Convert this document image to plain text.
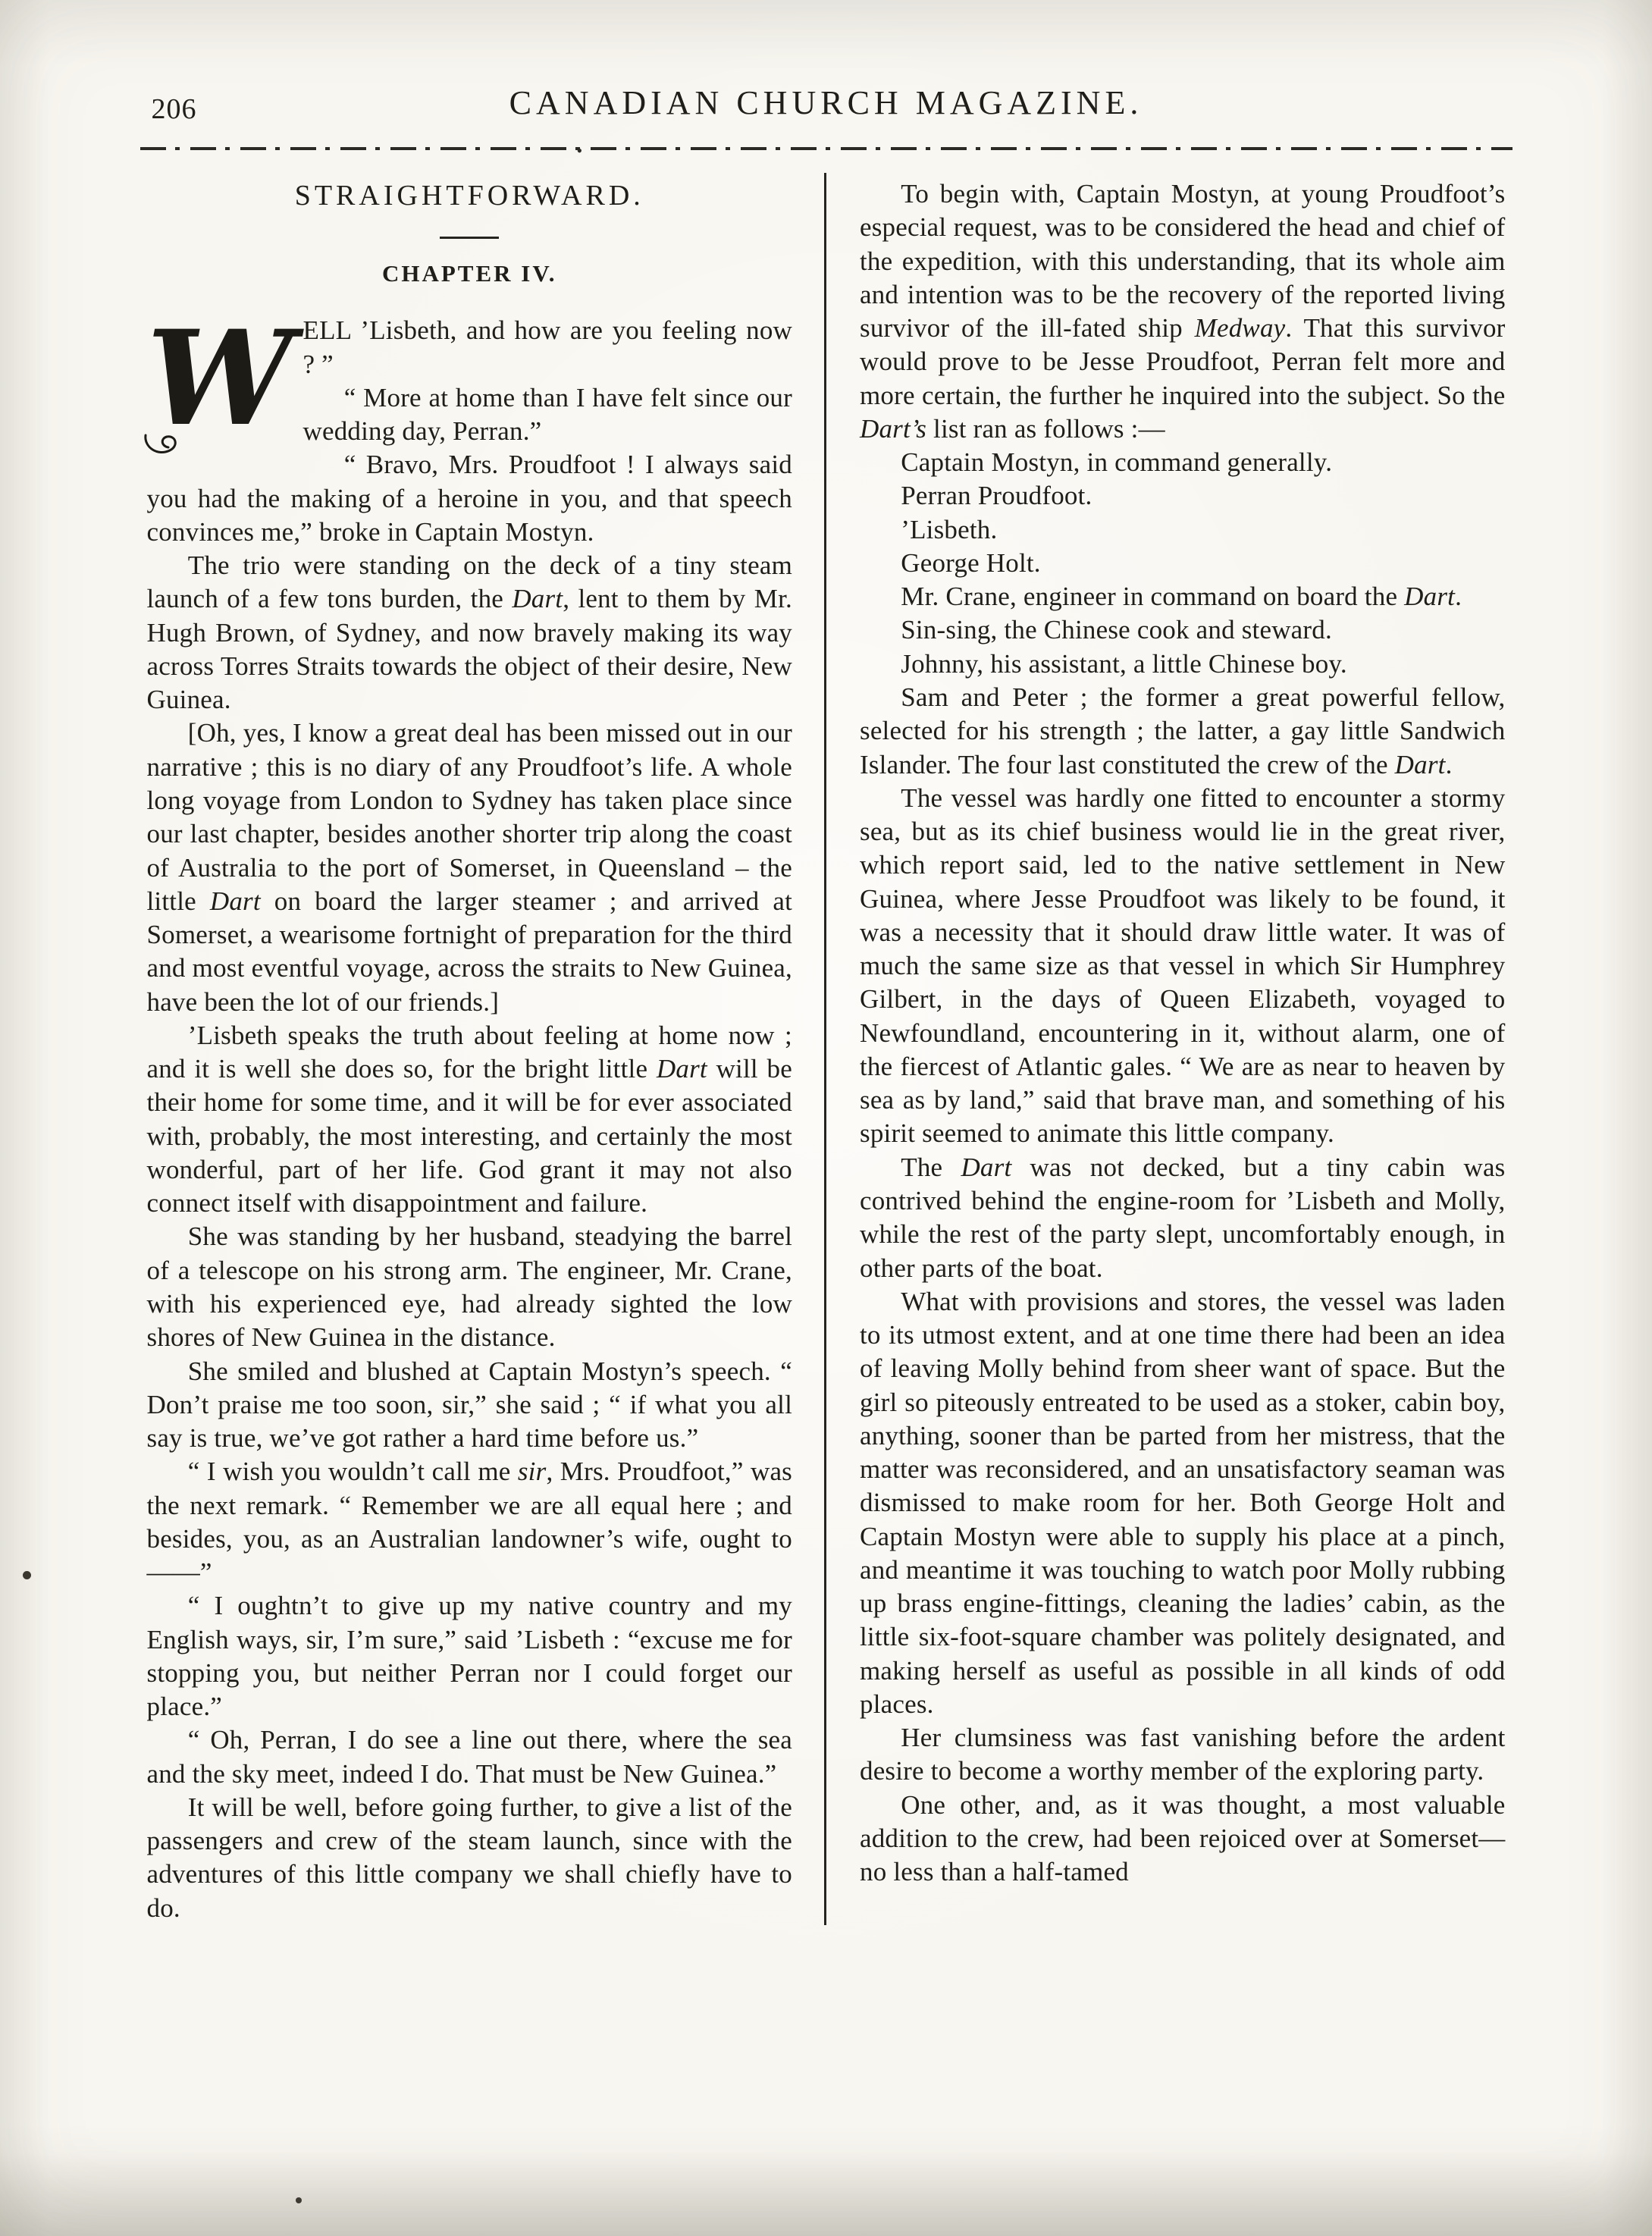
206	CANADIAN CHURCH MAGAZINE.
•
STRAIGHTFORWARD.
CHAPTER IV.
W ELL ’Lisbeth, and how are you feeling now ? ”

“ More at home than I have felt since our wedding day, Perran.”

“ Bravo, Mrs. Proudfoot ! I always said you had the making of a heroine in you, and that speech convinces me,” broke in Captain Mostyn.

The trio were standing on the deck of a tiny steam launch of a few tons burden, the Dart, lent to them by Mr. Hugh Brown, of Sydney, and now bravely making its way across Torres Straits towards the object of their desire, New Guinea.

[Oh, yes, I know a great deal has been missed out in our narrative ; this is no diary of any Proudfoot’s life. A whole long voyage from London to Sydney has taken place since our last chapter, besides another shorter trip along the coast of Australia to the port of Somerset, in Queensland – the little Dart on board the larger steamer ; and arrived at Somerset, a wearisome fortnight of preparation for the third and most eventful voyage, across the straits to New Guinea, have been the lot of our friends.]

’Lisbeth speaks the truth about feeling at home now ; and it is well she does so, for the bright little Dart will be their home for some time, and it will be for ever associated with, probably, the most interesting, and certainly the most wonderful, part of her life. God grant it may not also connect itself with disappointment and failure.

She was standing by her husband, steadying the barrel of a telescope on his strong arm. The engineer, Mr. Crane, with his experienced eye, had already sighted the low shores of New Guinea in the distance.

She smiled and blushed at Captain Mostyn’s speech. “ Don’t praise me too soon, sir,” she said ; “ if what you all say is true, we’ve got rather a hard time before us.”

“ I wish you wouldn’t call me sir, Mrs. Proudfoot,” was the next remark. “ Remember we are all equal here ; and besides, you, as an Australian landowner’s wife, ought to ——”

“ I oughtn’t to give up my native country and my English ways, sir, I’m sure,” said ’Lisbeth : “excuse me for stopping you, but neither Perran nor I could forget our place.”

“ Oh, Perran, I do see a line out there, where the sea and the sky meet, indeed I do. That must be New Guinea.”

It will be well, before going further, to give a list of the passengers and crew of the steam launch, since with the adventures of this little company we shall chiefly have to do.

To begin with, Captain Mostyn, at young Proudfoot’s especial request, was to be considered the head and chief of the expedition, with this understanding, that its whole aim and intention was to be the recovery of the reported living survivor of the ill-fated ship Medway. That this survivor would prove to be Jesse Proudfoot, Perran felt more and more certain, the further he inquired into the subject. So the Dart’s list ran as follows :—

Captain Mostyn, in command generally.

Perran Proudfoot.

’Lisbeth.

George Holt.

Mr. Crane, engineer in command on board the Dart.

Sin-sing, the Chinese cook and steward.

Johnny, his assistant, a little Chinese boy.

Sam and Peter ; the former a great powerful fellow, selected for his strength ; the latter, a gay little Sandwich Islander. The four last constituted the crew of the Dart.

The vessel was hardly one fitted to encounter a stormy sea, but as its chief business would lie in the great river, which report said, led to the native settlement in New Guinea, where Jesse Proudfoot was likely to be found, it was a necessity that it should draw little water. It was of much the same size as that vessel in which Sir Humphrey Gilbert, in the days of Queen Elizabeth, voyaged to Newfoundland, encountering in it, without alarm, one of the fiercest of Atlantic gales. “ We are as near to heaven by sea as by land,” said that brave man, and something of his spirit seemed to animate this little company.

The Dart was not decked, but a tiny cabin was contrived behind the engine-room for ’Lisbeth and Molly, while the rest of the party slept, uncomfortably enough, in other parts of the boat.

What with provisions and stores, the vessel was laden to its utmost extent, and at one time there had been an idea of leaving Molly behind from sheer want of space. But the girl so piteously entreated to be used as a stoker, cabin boy, anything, sooner than be parted from her mistress, that the matter was reconsidered, and an unsatisfactory seaman was dismissed to make room for her. Both George Holt and Captain Mostyn were able to supply his place at a pinch, and meantime it was touching to watch poor Molly rubbing up brass engine-fittings, cleaning the ladies’ cabin, as the little six-foot-square chamber was politely designated, and making herself as useful as possible in all kinds of odd places.

Her clumsiness was fast vanishing before the ardent desire to become a worthy member of the exploring party.

One other, and, as it was thought, a most valuable addition to the crew, had been rejoiced over at Somerset—no less than a half-tamed
